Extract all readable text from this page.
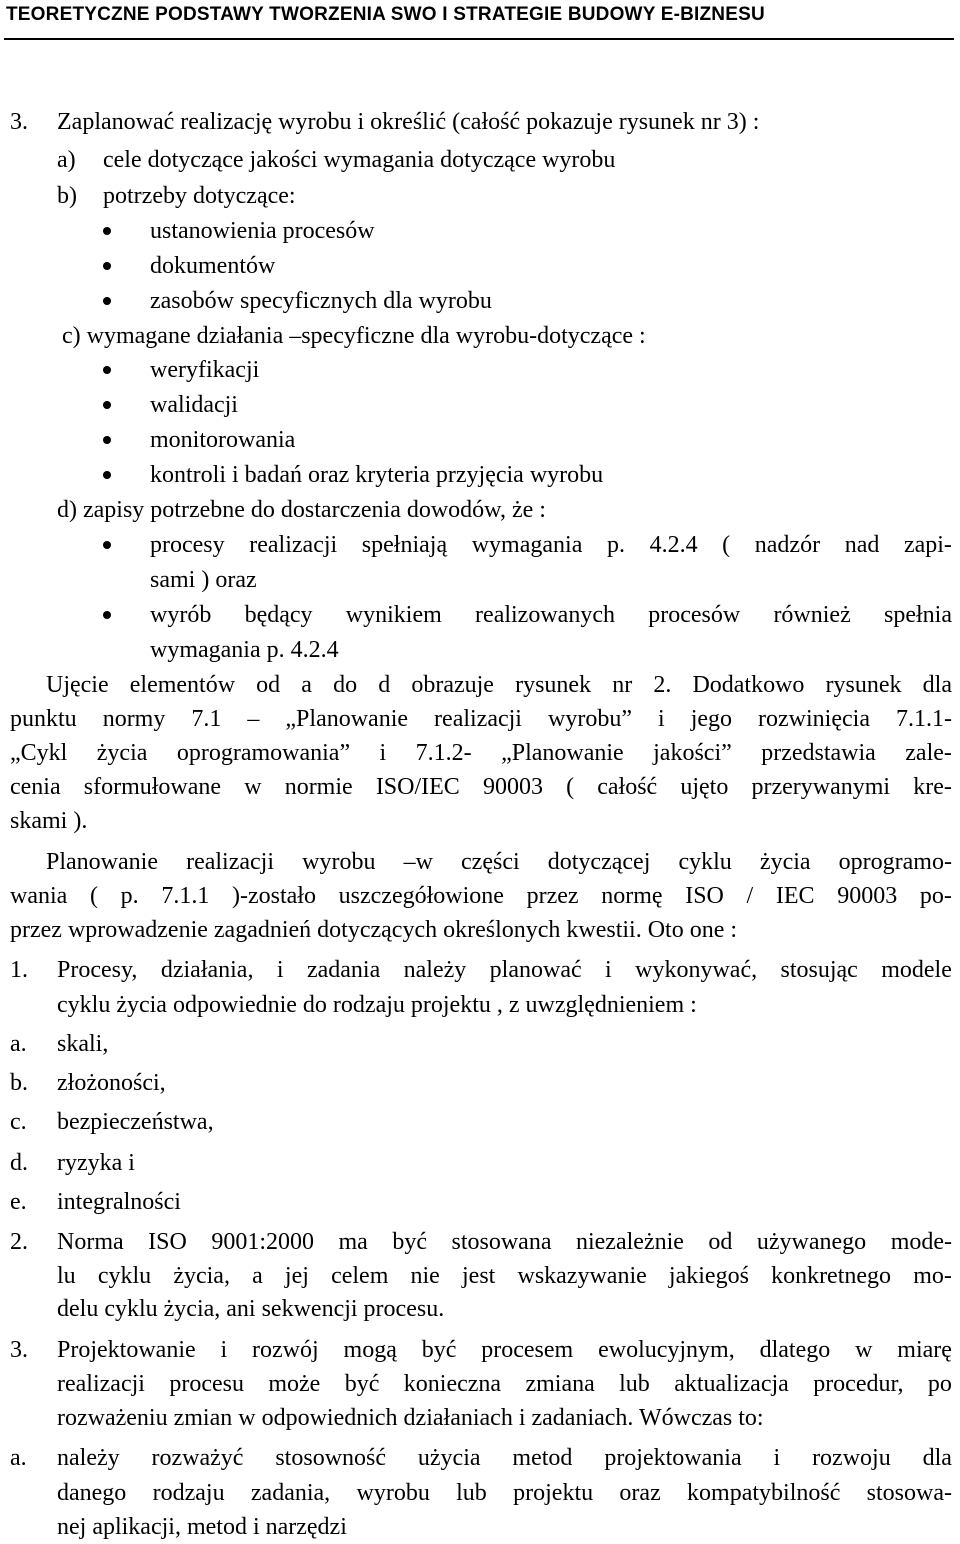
TEORETYCZNE PODSTAWY TWORZENIA SWO I STRATEGIE BUDOWY E-BIZNESU
3. Zaplanować realizację wyrobu i określić (całość pokazuje rysunek nr 3) :
a) cele dotyczące jakości wymagania dotyczące wyrobu
b) potrzeby dotyczące:
ustanowienia procesów
dokumentów
zasobów specyficznych dla wyrobu
c) wymagane działania –specyficzne dla wyrobu-dotyczące :
weryfikacji
walidacji
monitorowania
kontroli i badań oraz kryteria przyjęcia wyrobu
d) zapisy potrzebne do dostarczenia dowodów, że :
procesy realizacji spełniają wymagania p. 4.2.4 ( nadzór nad zapi-
sami ) oraz
wyrób będący wynikiem realizowanych procesów również spełnia
wymagania p. 4.2.4
Ujęcie elementów od a do d obrazuje rysunek nr 2. Dodatkowo rysunek dla
punktu normy 7.1 – „Planowanie realizacji wyrobu” i jego rozwinięcia 7.1.1-
„Cykl życia oprogramowania” i 7.1.2- „Planowanie jakości” przedstawia zale-
cenia sformułowane w normie ISO/IEC 90003 ( całość ujęto przerywanymi kre-
skami ).
Planowanie realizacji wyrobu –w części dotyczącej cyklu życia oprogramo-
wania ( p. 7.1.1 )-zostało uszczegółowione przez normę ISO / IEC 90003 po-
przez wprowadzenie zagadnień dotyczących określonych kwestii. Oto one :
1. Procesy, działania, i zadania należy planować i wykonywać, stosując modele
cyklu życia odpowiednie do rodzaju projektu , z uwzględnieniem :
a. skali,
b. złożoności,
c. bezpieczeństwa,
d. ryzyka i
e. integralności
2. Norma ISO 9001:2000 ma być stosowana niezależnie od używanego mode-
lu cyklu życia, a jej celem nie jest wskazywanie jakiegoś konkretnego mo-
delu cyklu życia, ani sekwencji procesu.
3. Projektowanie i rozwój mogą być procesem ewolucyjnym, dlatego w miarę
realizacji procesu może być konieczna zmiana lub aktualizacja procedur, po
rozważeniu zmian w odpowiednich działaniach i zadaniach. Wówczas to:
a. należy rozważyć stosowność użycia metod projektowania i rozwoju dla
danego rodzaju zadania, wyrobu lub projektu oraz kompatybilność stosowa-
nej aplikacji, metod i narzędzi
